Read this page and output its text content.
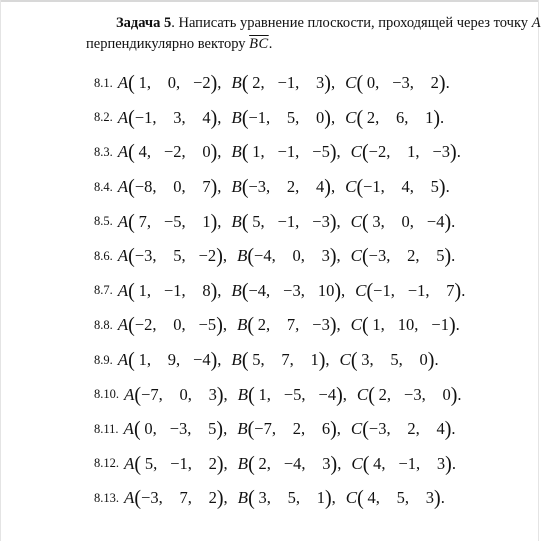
Задача 5. Написать уравнение плоскости, проходящей через точку A
перпендикулярно вектору $\overline{BC}$.
8.1. A ( 1 , 0 , −2 ) , B ( 2 , −1 , 3 ) , C ( 0 , −3 , 2 ) .
8.2. A ( −1 , 3 , 4 ) , B ( −1 , 5 , 0 ) , C ( 2 , 6 , 1 ) .
8.3. A ( 4 , −2 , 0 ) , B ( 1 , −1 , −5 ) , C ( −2 , 1 , −3 ) .
8.4. A ( −8 , 0 , 7 ) , B ( −3 , 2 , 4 ) , C ( −1 , 4 , 5 ) .
8.5. A ( 7 , −5 , 1 ) , B ( 5 , −1 , −3 ) , C ( 3 , 0 , −4 ) .
8.6. A ( −3 , 5 , −2 ) , B ( −4 , 0 , 3 ) , C ( −3 , 2 , 5 ) .
8.7. A ( 1 , −1 , 8 ) , B ( −4 , −3 , 10 ) , C ( −1 , −1 , 7 ) .
8.8. A ( −2 , 0 , −5 ) , B ( 2 , 7 , −3 ) , C ( 1 , 10 , −1 ) .
8.9. A ( 1 , 9 , −4 ) , B ( 5 , 7 , 1 ) , C ( 3 , 5 , 0 ) .
8.10. A ( −7 , 0 , 3 ) , B ( 1 , −5 , −4 ) , C ( 2 , −3 , 0 ) .
8.11. A ( 0 , −3 , 5 ) , B ( −7 , 2 , 6 ) , C ( −3 , 2 , 4 ) .
8.12. A ( 5 , −1 , 2 ) , B ( 2 , −4 , 3 ) , C ( 4 , −1 , 3 ) .
8.13. A ( −3 , 7 , 2 ) , B ( 3 , 5 , 1 ) , C ( 4 , 5 , 3 ) .
